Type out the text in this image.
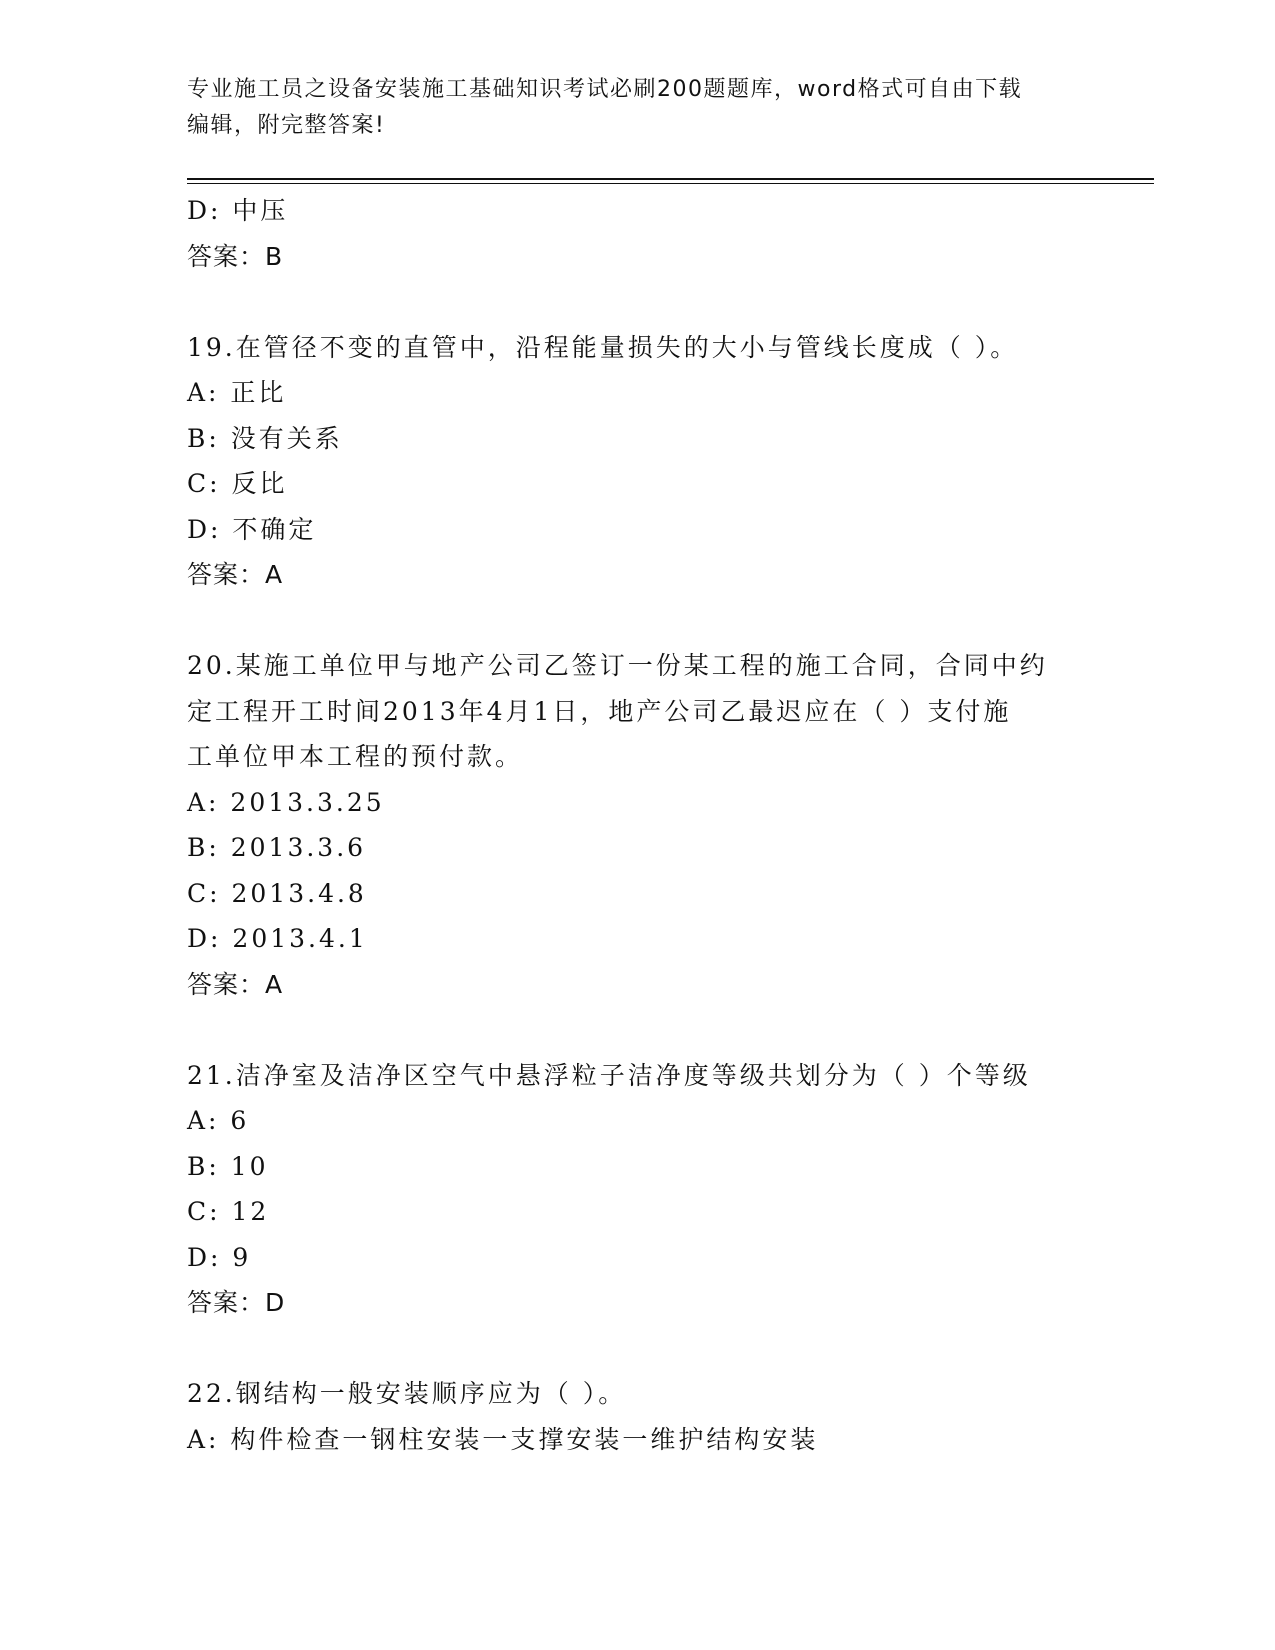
专业施工员之设备安装施工基础知识考试必刷200题题库，word格式可自由下载
编辑，附完整答案!
D: 中压
答案：B
19.在管径不变的直管中，沿程能量损失的大小与管线长度成（ ）。
A: 正比
B: 没有关系
C: 反比
D: 不确定
答案：A
20.某施工单位甲与地产公司乙签订一份某工程的施工合同，合同中约
定工程开工时间2013年4月1日，地产公司乙最迟应在（ ）支付施
工单位甲本工程的预付款。
A: 2013.3.25
B: 2013.3.6
C: 2013.4.8
D: 2013.4.1
答案：A
21.洁净室及洁净区空气中悬浮粒子洁净度等级共划分为（ ）个等级
A: 6
B: 10
C: 12
D: 9
答案：D
22.钢结构一般安装顺序应为（ ）。
A: 构件检查一钢柱安装一支撑安装一维护结构安装
